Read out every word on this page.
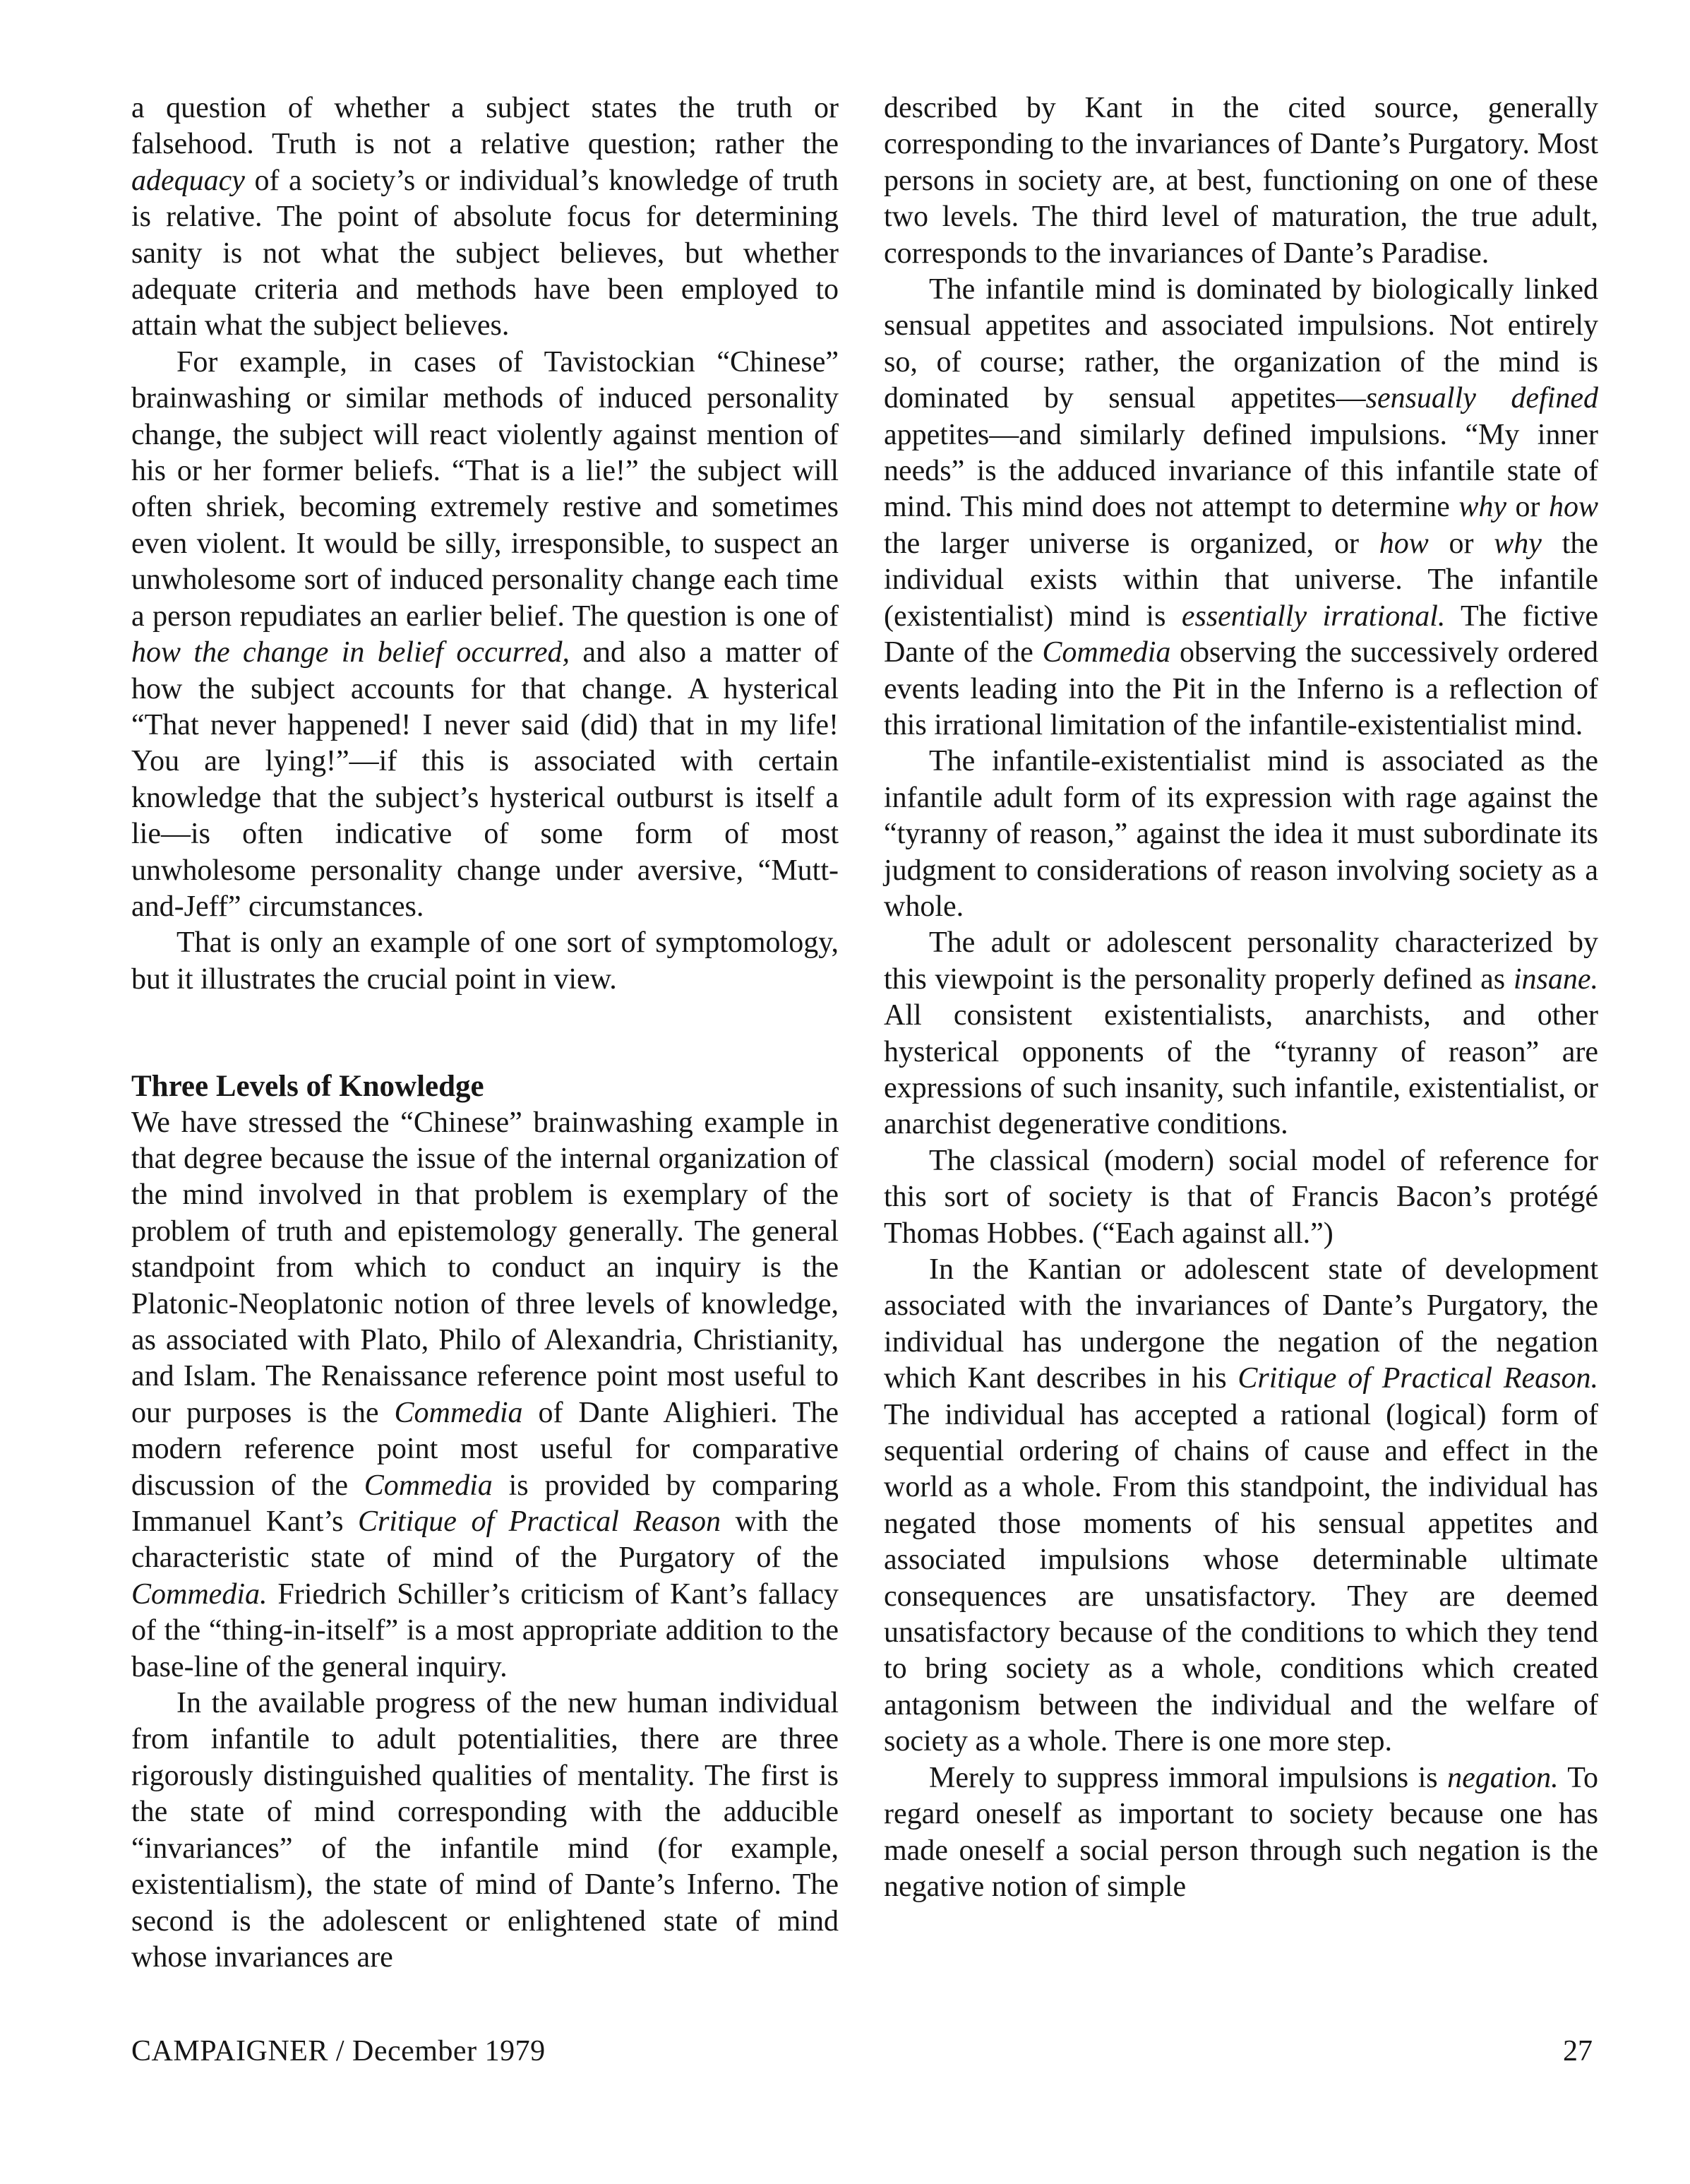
a question of whether a subject states the truth or falsehood. Truth is not a relative question; rather the adequacy of a society’s or individual’s knowledge of truth is relative. The point of absolute focus for determining sanity is not what the subject believes, but whether adequate criteria and methods have been employed to attain what the subject believes.

For example, in cases of Tavistockian “Chinese” brainwashing or similar methods of induced personality change, the subject will react violently against mention of his or her former beliefs. “That is a lie!” the subject will often shriek, becoming extremely restive and sometimes even violent. It would be silly, irresponsible, to suspect an unwholesome sort of induced personality change each time a person repudiates an earlier belief. The question is one of how the change in belief occurred, and also a matter of how the subject accounts for that change. A hysterical “That never happened! I never said (did) that in my life! You are lying!”—if this is associated with certain knowledge that the subject’s hysterical outburst is itself a lie—is often indicative of some form of most unwholesome personality change under aversive, “Mutt-and-Jeff” circumstances.

That is only an example of one sort of symptomology, but it illustrates the crucial point in view.

Three Levels of Knowledge

We have stressed the “Chinese” brainwashing example in that degree because the issue of the internal organization of the mind involved in that problem is exemplary of the problem of truth and epistemology generally. The general standpoint from which to conduct an inquiry is the Platonic-Neoplatonic notion of three levels of knowledge, as associated with Plato, Philo of Alexandria, Christianity, and Islam. The Renaissance reference point most useful to our purposes is the Commedia of Dante Alighieri. The modern reference point most useful for comparative discussion of the Commedia is provided by comparing Immanuel Kant’s Critique of Practical Reason with the characteristic state of mind of the Purgatory of the Commedia. Friedrich Schiller’s criticism of Kant’s fallacy of the “thing-in-itself” is a most appropriate addition to the base-line of the general inquiry.

In the available progress of the new human individual from infantile to adult potentialities, there are three rigorously distinguished qualities of mentality. The first is the state of mind corresponding with the adducible “invariances” of the infantile mind (for example, existentialism), the state of mind of Dante’s Inferno. The second is the adolescent or enlightened state of mind whose invariances are

described by Kant in the cited source, generally corresponding to the invariances of Dante’s Purgatory. Most persons in society are, at best, functioning on one of these two levels. The third level of maturation, the true adult, corresponds to the invariances of Dante’s Paradise.

The infantile mind is dominated by biologically linked sensual appetites and associated impulsions. Not entirely so, of course; rather, the organization of the mind is dominated by sensual appetites—sensually defined appetites—and similarly defined impulsions. “My inner needs” is the adduced invariance of this infantile state of mind. This mind does not attempt to determine why or how the larger universe is organized, or how or why the individual exists within that universe. The infantile (existentialist) mind is essentially irrational. The fictive Dante of the Commedia observing the successively ordered events leading into the Pit in the Inferno is a reflection of this irrational limitation of the infantile-existentialist mind.

The infantile-existentialist mind is associated as the infantile adult form of its expression with rage against the “tyranny of reason,” against the idea it must subordinate its judgment to considerations of reason involving society as a whole.

The adult or adolescent personality characterized by this viewpoint is the personality properly defined as insane. All consistent existentialists, anarchists, and other hysterical opponents of the “tyranny of reason” are expressions of such insanity, such infantile, existentialist, or anarchist degenerative conditions.

The classical (modern) social model of reference for this sort of society is that of Francis Bacon’s protégé Thomas Hobbes. (“Each against all.”)

In the Kantian or adolescent state of development associated with the invariances of Dante’s Purgatory, the individual has undergone the negation of the negation which Kant describes in his Critique of Practical Reason. The individual has accepted a rational (logical) form of sequential ordering of chains of cause and effect in the world as a whole. From this standpoint, the individual has negated those moments of his sensual appetites and associated impulsions whose determinable ultimate consequences are unsatisfactory. They are deemed unsatisfactory because of the conditions to which they tend to bring society as a whole, conditions which created antagonism between the individual and the welfare of society as a whole. There is one more step.

Merely to suppress immoral impulsions is negation. To regard oneself as important to society because one has made oneself a social person through such negation is the negative notion of simple

CAMPAIGNER / December 1979	27
